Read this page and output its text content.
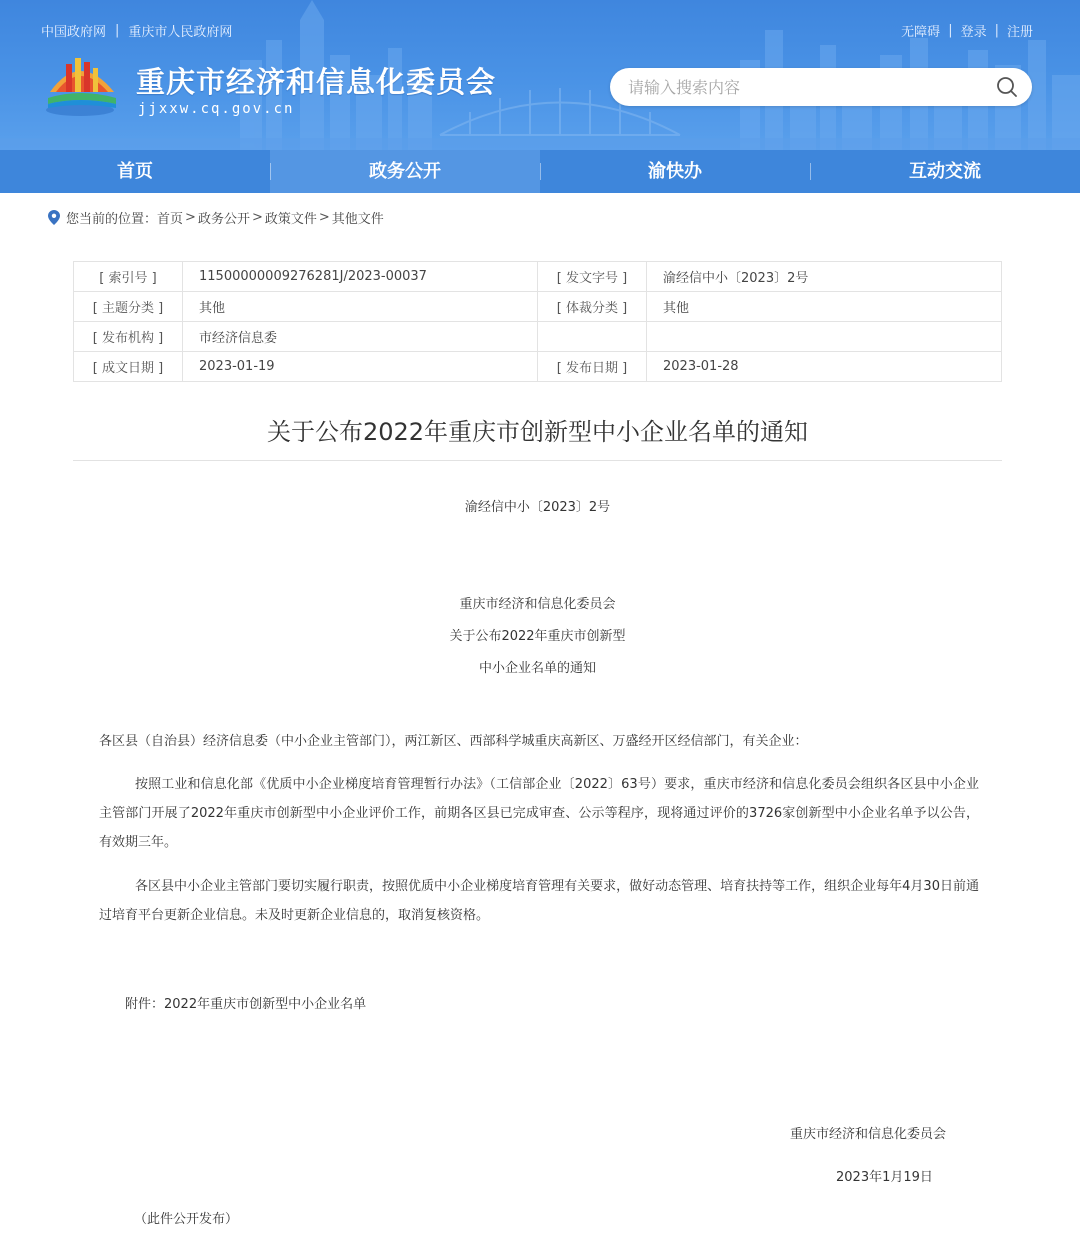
中国政府网 | 重庆市人民政府网	无障碍 | 登录 | 注册
重庆市经济和信息化委员会
jjxxw.cq.gov.cn
请输入搜索内容
首页	政务公开	渝快办	互动交流
您当前的位置： 首页 > 政务公开 > 政策文件 > 其他文件
[ 索引号 ]	11500000009276281J/2023-00037	[ 发文字号 ]	渝经信中小〔2023〕2号
[ 主题分类 ]	其他	[ 体裁分类 ]	其他
[ 发布机构 ]	市经济信息委		
[ 成文日期 ]	2023-01-19	[ 发布日期 ]	2023-01-28
关于公布2022年重庆市创新型中小企业名单的通知
渝经信中小〔2023〕2号
重庆市经济和信息化委员会
关于公布2022年重庆市创新型
中小企业名单的通知
各区县（自治县）经济信息委（中小企业主管部门），两江新区、西部科学城重庆高新区、万盛经开区经信部门，有关企业：
按照工业和信息化部《优质中小企业梯度培育管理暂行办法》（工信部企业〔2022〕63号）要求，重庆市经济和信息化委员会组织各区县中小企业主管部门开展了2022年重庆市创新型中小企业评价工作，前期各区县已完成审查、公示等程序，现将通过评价的3726家创新型中小企业名单予以公告，有效期三年。
各区县中小企业主管部门要切实履行职责，按照优质中小企业梯度培育管理有关要求，做好动态管理、培育扶持等工作，组织企业每年4月30日前通过培育平台更新企业信息。未及时更新企业信息的，取消复核资格。
附件：2022年重庆市创新型中小企业名单
重庆市经济和信息化委员会
2023年1月19日
（此件公开发布）
